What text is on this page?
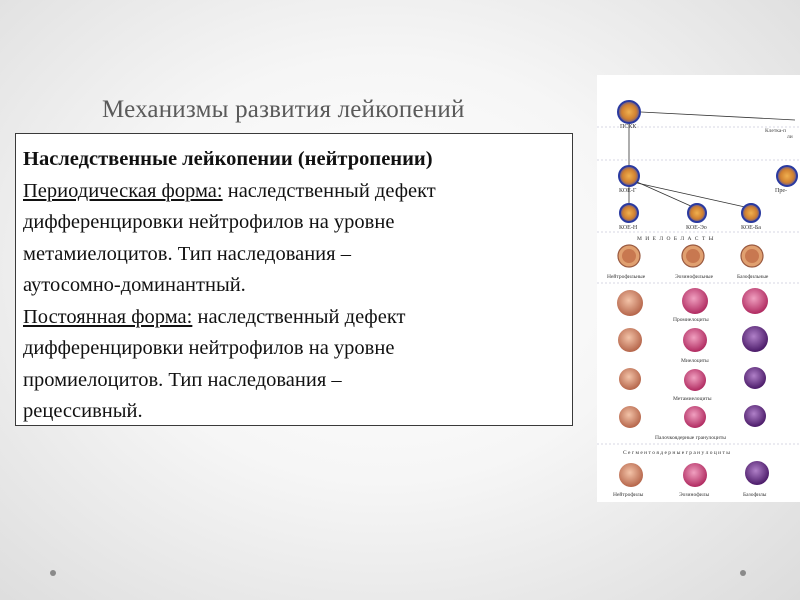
Механизмы развития лейкопений
Наследственные лейкопении (нейтропении)
Периодическая форма: наследственный дефект
дифференцировки нейтрофилов на уровне
метамиелоцитов. Тип наследования –
аутосомно-доминантный.
Постоянная форма: наследственный дефект
дифференцировки нейтрофилов на уровне
промиелоцитов. Тип наследования –
рецессивный.
ПСКК
Клетка-п
ли
КОЕ-Г	Пре-
КОЕ-Н	КОЕ-Эо	КОЕ-Ба
М И Е Л О Б Л А С Т Ы
Нейтрофильные	Эозинофильные	Базофильные
Промиелоциты
Миелоциты
Метамиелоциты
Палочкоядерные гранулоциты
С е г м е н т о я д е р н ы е г р а н у л о ц и т ы
Нейтрофилы	Эозинофилы	Базофилы
